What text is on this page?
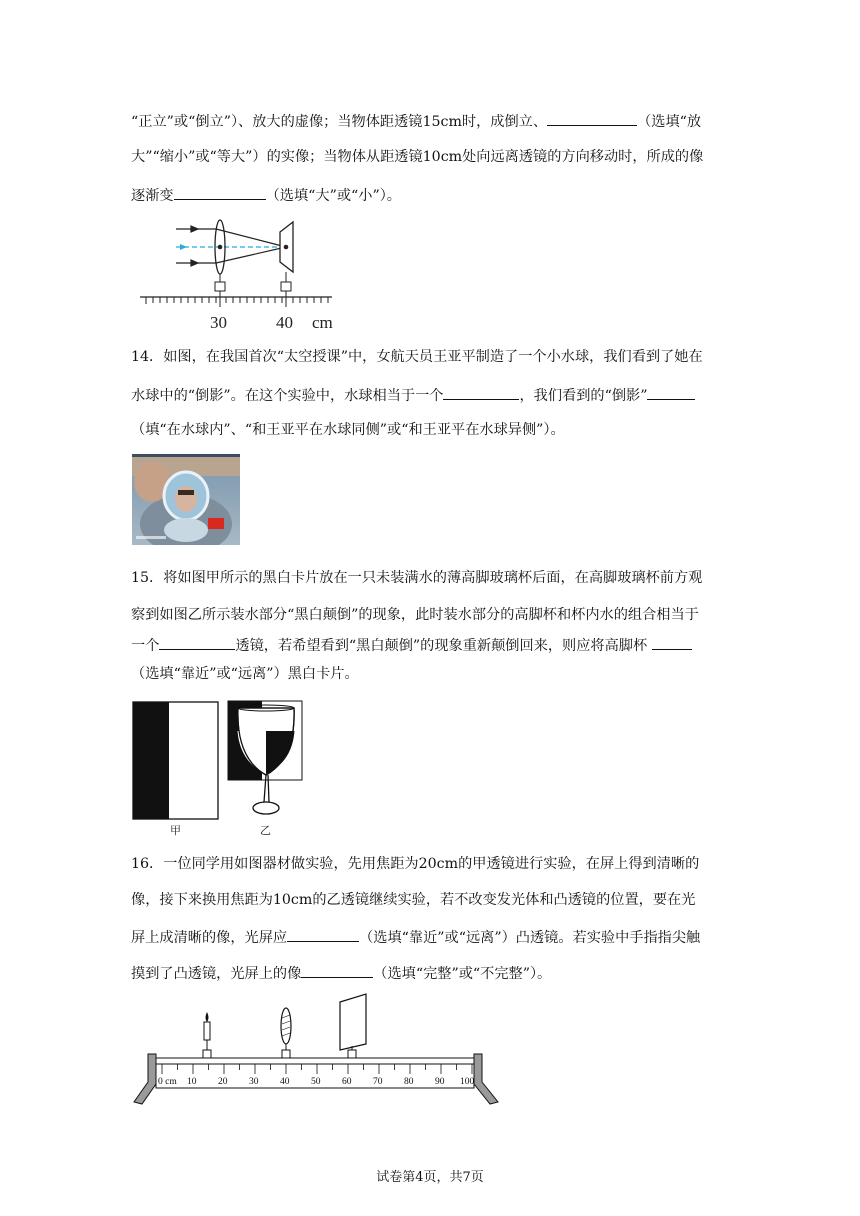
“正立”或“倒立”）、放大的虚像；当物体距透镜15cm时，成倒立、	（选填“放
大”“缩小”或“等大”）的实像；当物体从距透镜10cm处向远离透镜的方向移动时，所成的像
逐渐变	（选填“大”或“小”）。
30	40 cm
14．如图，在我国首次“太空授课”中，女航天员王亚平制造了一个小水球，我们看到了她在
水球中的“倒影”。在这个实验中，水球相当于一个	，我们看到的“倒影”
（填“在水球内”、“和王亚平在水球同侧”或“和王亚平在水球异侧”）。
15．将如图甲所示的黑白卡片放在一只未装满水的薄高脚玻璃杯后面，在高脚玻璃杯前方观
察到如图乙所示装水部分“黑白颠倒”的现象，此时装水部分的高脚杯和杯内水的组合相当于
一个	透镜，若希望看到“黑白颠倒”的现象重新颠倒回来，则应将高脚杯
（选填“靠近”或“远离”）黑白卡片。
甲	乙
16．一位同学用如图器材做实验，先用焦距为20cm的甲透镜进行实验，在屏上得到清晰的
像，接下来换用焦距为10cm的乙透镜继续实验，若不改变发光体和凸透镜的位置，要在光
屏上成清晰的像，光屏应	（选填“靠近”或“远离”）凸透镜。若实验中手指指尖触
摸到了凸透镜，光屏上的像	（选填“完整”或“不完整”）。
0 cm 10 20 30 40 50 60 70 80 90 100
试卷第4页，共7页
